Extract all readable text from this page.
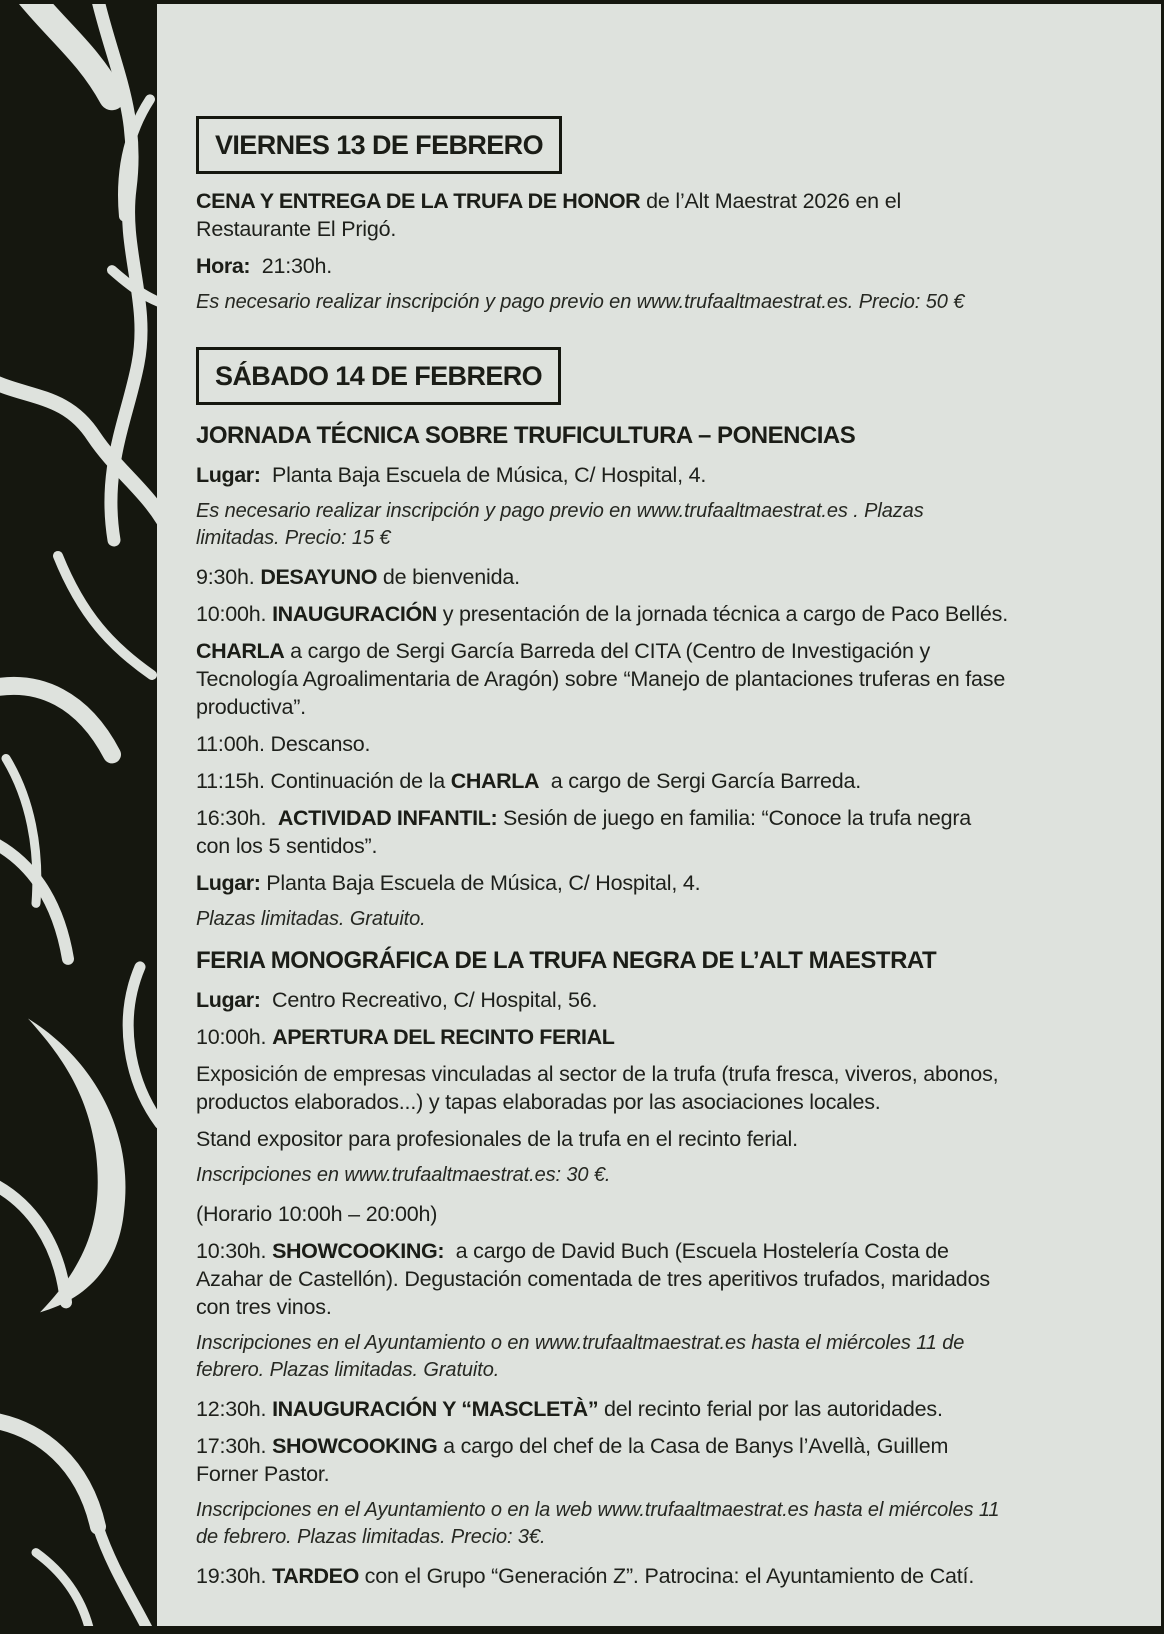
VIERNES 13 DE FEBRERO

CENA Y ENTREGA DE LA TRUFA DE HONOR de l’Alt Maestrat 2026 en el Restaurante El Prigó.

Hora:  21:30h.

Es necesario realizar inscripción y pago previo en www.trufaaltmaestrat.es. Precio: 50 €

SÁBADO 14 DE FEBRERO
JORNADA TÉCNICA SOBRE TRUFICULTURA – PONENCIAS

Lugar:  Planta Baja Escuela de Música, C/ Hospital, 4.

Es necesario realizar inscripción y pago previo en www.trufaaltmaestrat.es . Plazas limitadas. Precio: 15 €

9:30h. DESAYUNO de bienvenida.

10:00h. INAUGURACIÓN y presentación de la jornada técnica a cargo de Paco Bellés.

CHARLA a cargo de Sergi García Barreda del CITA (Centro de Investigación y Tecnología Agroalimentaria de Aragón) sobre “Manejo de plantaciones truferas en fase productiva”.

11:00h. Descanso.

11:15h. Continuación de la CHARLA  a cargo de Sergi García Barreda.

16:30h.  ACTIVIDAD INFANTIL: Sesión de juego en familia: “Conoce la trufa negra con los 5 sentidos”.

Lugar: Planta Baja Escuela de Música, C/ Hospital, 4.

Plazas limitadas. Gratuito.

FERIA MONOGRÁFICA DE LA TRUFA NEGRA DE L’ALT MAESTRAT

Lugar:  Centro Recreativo, C/ Hospital, 56.

10:00h. APERTURA DEL RECINTO FERIAL

Exposición de empresas vinculadas al sector de la trufa (trufa fresca, viveros, abonos, productos elaborados...) y tapas elaboradas por las asociaciones locales.

Stand expositor para profesionales de la trufa en el recinto ferial.

Inscripciones en www.trufaaltmaestrat.es: 30 €.

(Horario 10:00h – 20:00h)

10:30h. SHOWCOOKING:  a cargo de David Buch (Escuela Hostelería Costa de Azahar de Castellón). Degustación comentada de tres aperitivos trufados, maridados con tres vinos.

Inscripciones en el Ayuntamiento o en www.trufaaltmaestrat.es hasta el miércoles 11 de febrero. Plazas limitadas. Gratuito.

12:30h. INAUGURACIÓN Y “MASCLETÀ” del recinto ferial por las autoridades.

17:30h. SHOWCOOKING a cargo del chef de la Casa de Banys l’Avellà, Guillem Forner Pastor.

Inscripciones en el Ayuntamiento o en la web www.trufaaltmaestrat.es hasta el miércoles 11 de febrero. Plazas limitadas. Precio: 3€.

19:30h. TARDEO con el Grupo “Generación Z”. Patrocina: el Ayuntamiento de Catí.
